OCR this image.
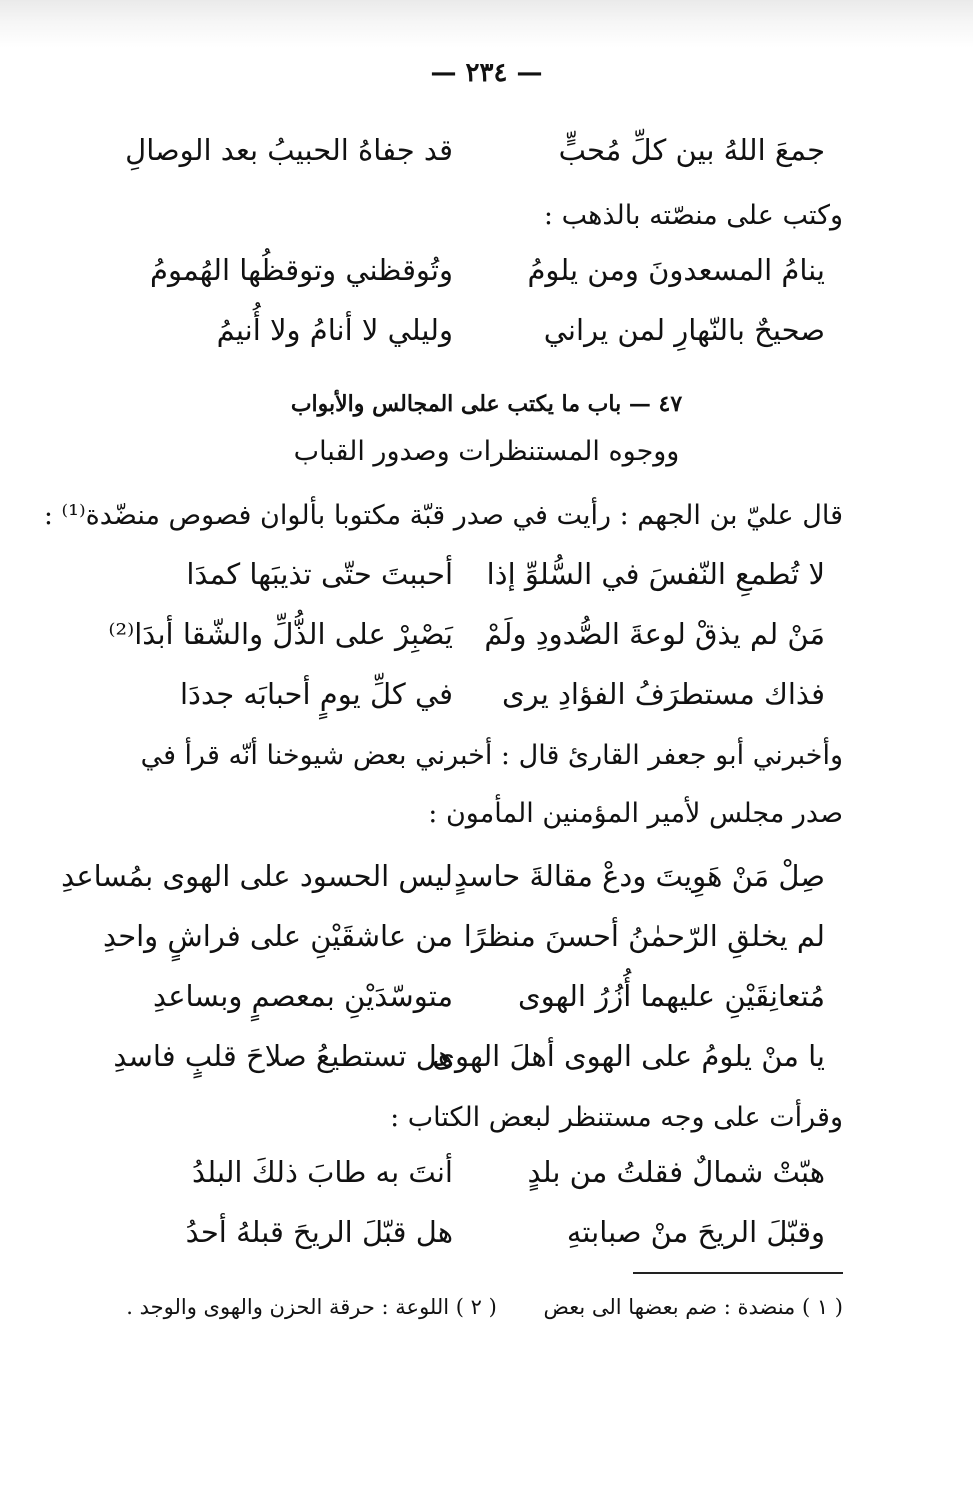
— ٢٣٤ —
جمعَ اللهُ بين كلِّ مُحبٍّ
قد جفاهُ الحبيبُ بعد الوصالِ
وكتب على منصّته بالذهب :
ينامُ المسعدونَ ومن يلومُ
وتُوقظني وتوقظُها الهُمومُ
صحيحٌ بالنّهارِ لمن يراني
وليلي لا أنامُ ولا أُنيمُ
٤٧ — باب ما يكتب على المجالس والأبواب
ووجوه المستنظرات وصدور القباب
قال عليّ بن الجهم : رأيت في صدر قبّة مكتوبا بألوان فصوص منضّدة⁽¹⁾ :
لا تُطمعِ النّفسَ في السُّلوِّ إذا
أحببتَ حتّى تذيبَها كمدَا
مَنْ لم يذقْ لوعةَ الصُّدودِ ولَمْ
يَصْبِرْ على الذُّلِّ والشّقا أبدَا⁽²⁾
فذاك مستطرَفُ الفؤادِ يرى
في كلِّ يومٍ أحبابَه جددَا
وأخبرني أبو جعفر القارئ قال : أخبرني بعض شيوخنا أنّه قرأ في
صدر مجلس لأمير المؤمنين المأمون :
صِلْ مَنْ هَوِيتَ ودعْ مقالةَ حاسدٍ
ليس الحسود على الهوى بمُساعدِ
لم يخلقِ الرّحمٰنُ أحسنَ منظرًا
من عاشقَيْنِ على فراشٍ واحدِ
مُتعانِقَيْنِ عليهما أُزُرُ الهوى
متوسّدَيْنِ بمعصمٍ وبساعدِ
يا منْ يلومُ على الهوى أهلَ الهوى
هل تستطيعُ صلاحَ قلبٍ فاسدِ
وقرأت على وجه مستنظر لبعض الكتاب :
هبّتْ شمالٌ فقلتُ من بلدٍ
أنتَ به طابَ ذلكَ البلدُ
وقبّلَ الريحَ منْ صبابتهِ
هل قبّلَ الريحَ قبلهُ أحدُ
( ١ ) منضدة : ضم بعضها الى بعض ( ٢ ) اللوعة : حرقة الحزن والهوى والوجد .
